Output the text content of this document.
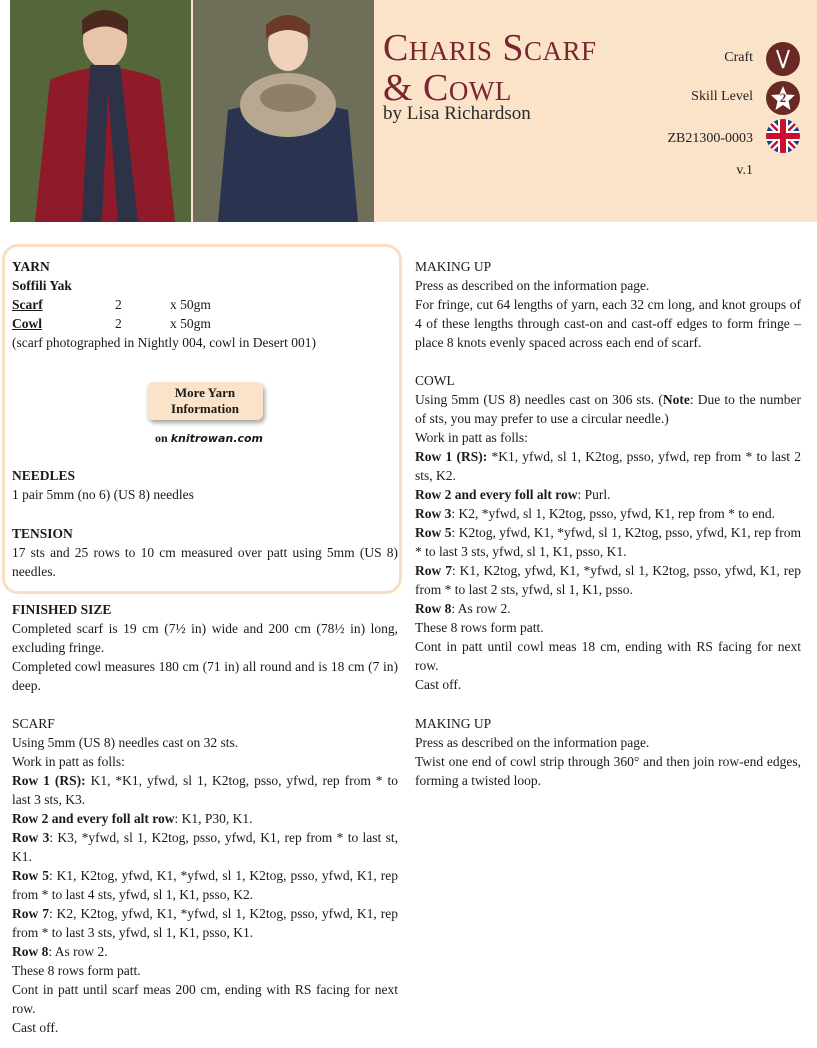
Charis Scarf
& Cowl
by Lisa Richardson
Craft
Skill Level 2
ZB21300-0003
v.1
YARN
Soffili Yak
Scarf	2	x 50gm
Cowl	2	x 50gm
(scarf photographed in Nightly 004, cowl in Desert 001)
More Yarn
Information
on knitrowan.com
NEEDLES

1 pair 5mm (no 6) (US 8) needles

TENSION

17 sts and 25 rows to 10 cm measured over patt using 5mm (US 8) needles.

FINISHED SIZE

Completed scarf is 19 cm (7½ in) wide and 200 cm (78½ in) long, excluding fringe.

Completed cowl measures 180 cm (71 in) all round and is 18 cm (7 in) deep.

SCARF

Using 5mm (US 8) needles cast on 32 sts.

Work in patt as folls:

Row 1 (RS): K1, *K1, yfwd, sl 1, K2tog, psso, yfwd, rep from * to last 3 sts, K3.

Row 2 and every foll alt row: K1, P30, K1.

Row 3: K3, *yfwd, sl 1, K2tog, psso, yfwd, K1, rep from * to last st, K1.

Row 5: K1, K2tog, yfwd, K1, *yfwd, sl 1, K2tog, psso, yfwd, K1, rep from * to last 4 sts, yfwd, sl 1, K1, psso, K2.

Row 7: K2, K2tog, yfwd, K1, *yfwd, sl 1, K2tog, psso, yfwd, K1, rep from * to last 3 sts, yfwd, sl 1, K1, psso, K1.

Row 8: As row 2.

These 8 rows form patt.

Cont in patt until scarf meas 200 cm, ending with RS facing for next row.

Cast off.

MAKING UP

Press as described on the information page.

For fringe, cut 64 lengths of yarn, each 32 cm long, and knot groups of 4 of these lengths through cast-on and cast-off edges to form fringe – place 8 knots evenly spaced across each end of scarf.

COWL

Using 5mm (US 8) needles cast on 306 sts. (Note: Due to the number of sts, you may prefer to use a circular needle.)

Work in patt as folls:

Row 1 (RS): *K1, yfwd, sl 1, K2tog, psso, yfwd, rep from * to last 2 sts, K2.

Row 2 and every foll alt row: Purl.

Row 3: K2, *yfwd, sl 1, K2tog, psso, yfwd, K1, rep from * to end.

Row 5: K2tog, yfwd, K1, *yfwd, sl 1, K2tog, psso, yfwd, K1, rep from * to last 3 sts, yfwd, sl 1, K1, psso, K1.

Row 7: K1, K2tog, yfwd, K1, *yfwd, sl 1, K2tog, psso, yfwd, K1, rep from * to last 2 sts, yfwd, sl 1, K1, psso.

Row 8: As row 2.

These 8 rows form patt.

Cont in patt until cowl meas 18 cm, ending with RS facing for next row.

Cast off.

MAKING UP

Press as described on the information page.

Twist one end of cowl strip through 360° and then join row-end edges, forming a twisted loop.
